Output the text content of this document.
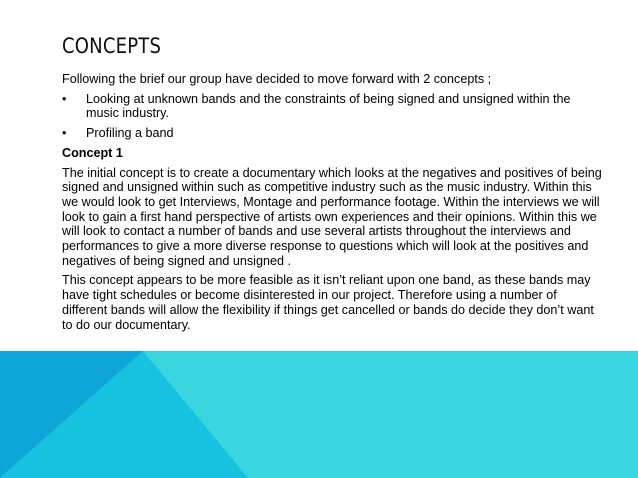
CONCEPTS

Following the brief our group have decided to move forward with 2 concepts ;

• Looking at unknown bands and the constraints of being signed and unsigned within the music industry.
• Profiling a band

Concept 1

The initial concept is to create a documentary which looks at the negatives and positives of being signed and unsigned within such as competitive industry such as the music industry. Within this we would look to get Interviews, Montage and performance footage. Within the interviews we will look to gain a first hand perspective of artists own experiences and their opinions. Within this we will look to contact a number of bands and use several artists throughout the interviews and performances to give a more diverse response to questions which will look at the positives and negatives of being signed and unsigned .

This concept appears to be more feasible as it isn’t reliant upon one band, as these bands may have tight schedules or become disinterested in our project. Therefore using a number of different bands will allow the flexibility if things get cancelled or bands do decide they don’t want to do our documentary.
